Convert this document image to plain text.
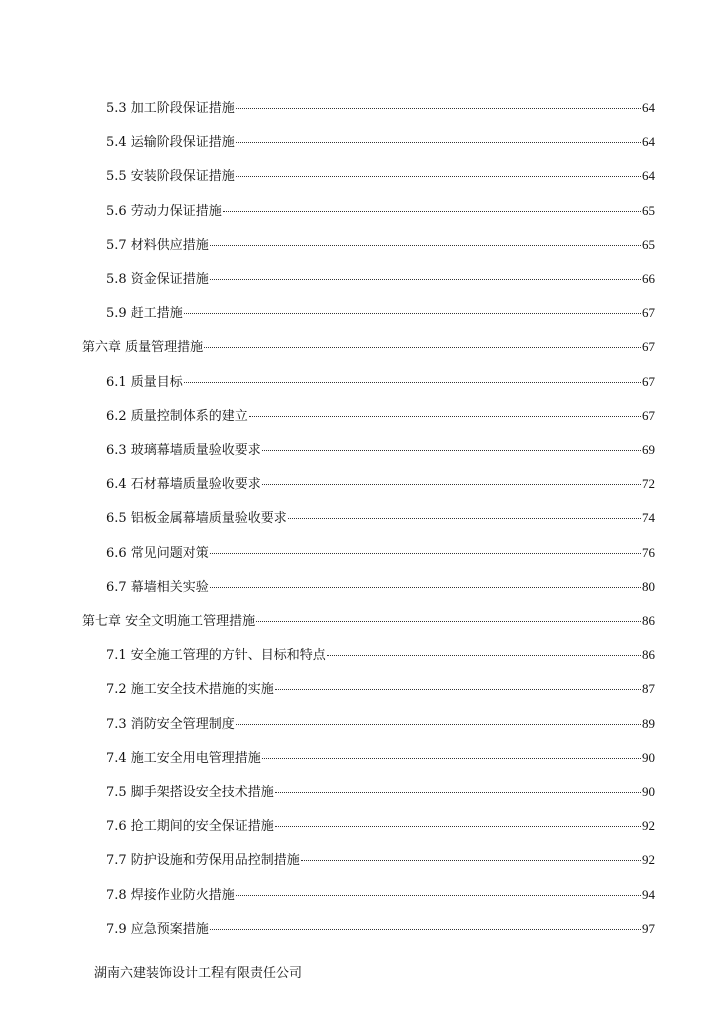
5.3 加工阶段保证措施	64
5.4 运输阶段保证措施	64
5.5 安装阶段保证措施	64
5.6 劳动力保证措施	65
5.7 材料供应措施	65
5.8 资金保证措施	66
5.9 赶工措施	67
第六章 质量管理措施	67
6.1 质量目标	67
6.2 质量控制体系的建立	67
6.3 玻璃幕墙质量验收要求	69
6.4 石材幕墙质量验收要求	72
6.5 铝板金属幕墙质量验收要求	74
6.6 常见问题对策	76
6.7 幕墙相关实验	80
第七章 安全文明施工管理措施	86
7.1 安全施工管理的方针、目标和特点	86
7.2 施工安全技术措施的实施	87
7.3 消防安全管理制度	89
7.4 施工安全用电管理措施	90
7.5 脚手架搭设安全技术措施	90
7.6 抢工期间的安全保证措施	92
7.7 防护设施和劳保用品控制措施	92
7.8 焊接作业防火措施	94
7.9 应急预案措施	97
湖南六建装饰设计工程有限责任公司
